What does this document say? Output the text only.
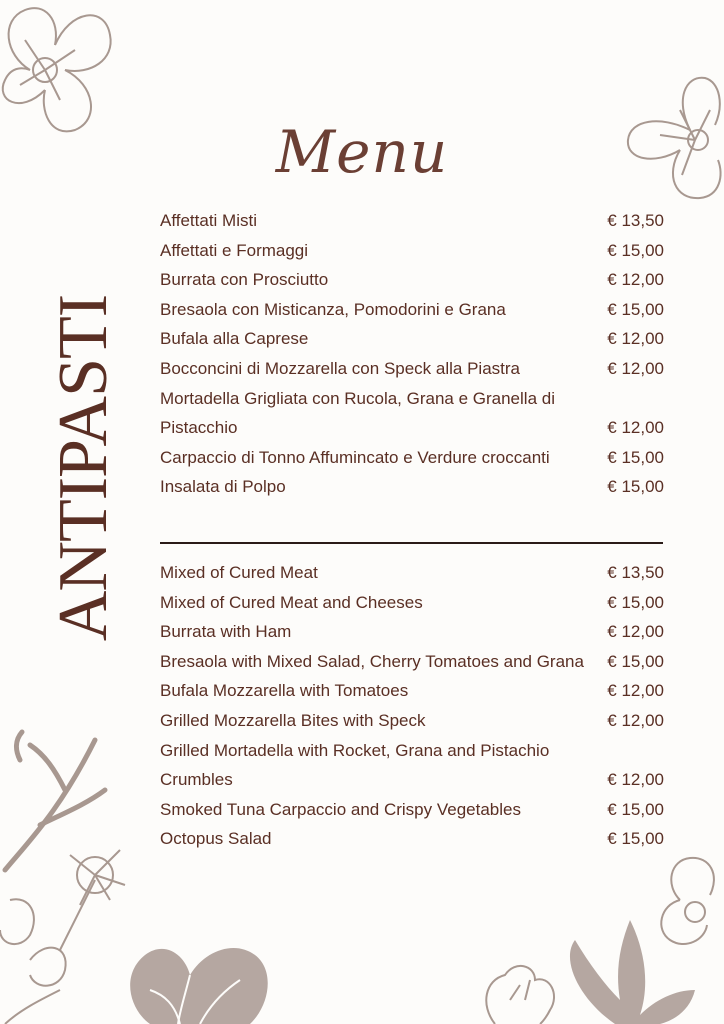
Menu
ANTIPASTI
Affettati Misti	€ 13,50
Affettati e Formaggi	€ 15,00
Burrata con Prosciutto	€ 12,00
Bresaola con Misticanza, Pomodorini e Grana	€ 15,00
Bufala alla Caprese	€ 12,00
Bocconcini di Mozzarella con Speck alla Piastra	€ 12,00
Mortadella Grigliata con Rucola, Grana e Granella di Pistacchio	€ 12,00
Carpaccio di Tonno Affumincato e Verdure croccanti	€ 15,00
Insalata di Polpo	€ 15,00
Mixed of Cured Meat	€ 13,50
Mixed of Cured Meat and Cheeses	€ 15,00
Burrata with Ham	€ 12,00
Bresaola with Mixed Salad, Cherry Tomatoes and Grana	€ 15,00
Bufala Mozzarella with Tomatoes	€ 12,00
Grilled Mozzarella Bites with Speck	€ 12,00
Grilled Mortadella with Rocket, Grana and Pistachio Crumbles	€ 12,00
Smoked Tuna Carpaccio and Crispy Vegetables	€ 15,00
Octopus Salad	€ 15,00
